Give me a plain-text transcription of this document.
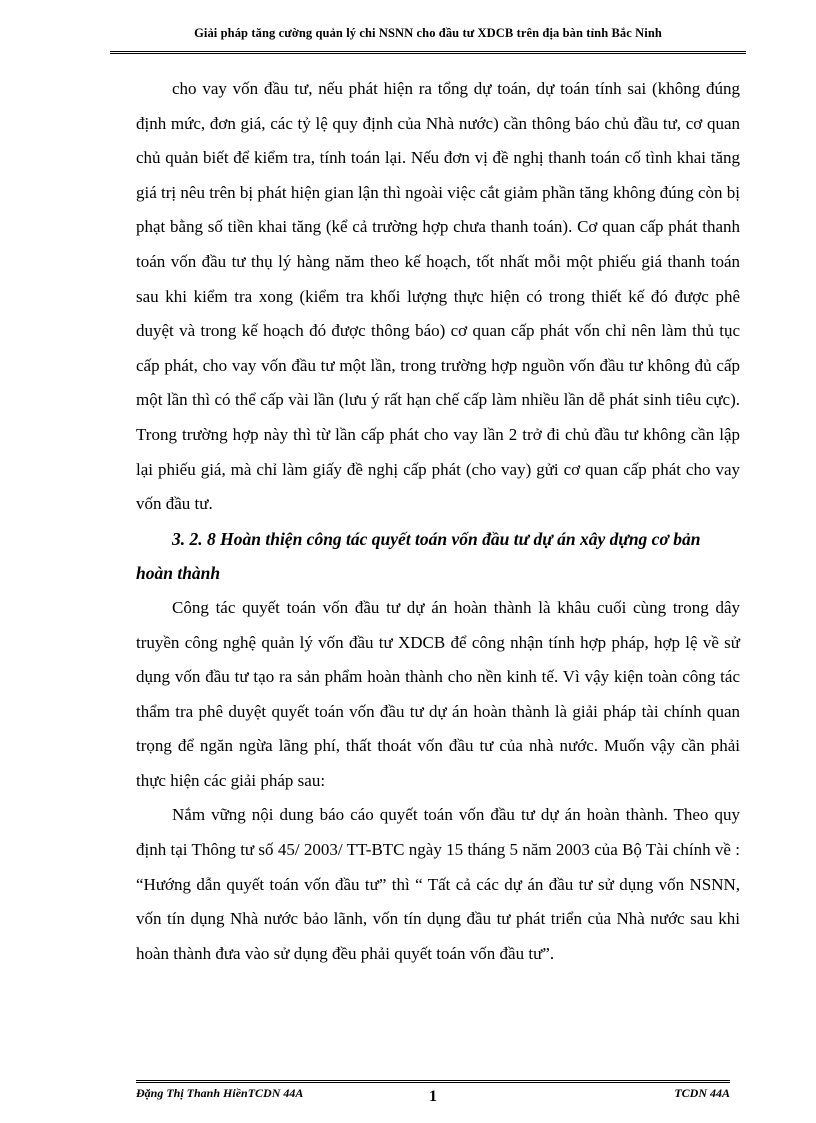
Giải pháp tăng cường quản lý chi NSNN cho đầu tư XDCB trên địa bàn tỉnh Bắc Ninh

cho vay vốn đầu tư, nếu phát hiện ra tổng dự toán, dự toán tính sai (không đúng định mức, đơn giá, các tỷ lệ quy định của Nhà nước) cần thông báo chủ đầu tư, cơ quan chủ quản biết để kiểm tra, tính toán lại. Nếu đơn vị đề nghị thanh toán cố tình khai tăng giá trị nêu trên bị phát hiện gian lận thì ngoài việc cắt giảm phần tăng không đúng còn bị phạt bằng số tiền khai tăng (kể cả trường hợp chưa thanh toán). Cơ quan cấp phát thanh toán vốn đầu tư thụ lý hàng năm theo kế hoạch, tốt nhất mỗi một phiếu giá thanh toán sau khi kiểm tra xong (kiểm tra khối lượng thực hiện có trong thiết kế đó được phê duyệt và trong kế hoạch đó được thông báo) cơ quan cấp phát vốn chỉ nên làm thủ tục cấp phát, cho vay vốn đầu tư một lần, trong trường hợp nguồn vốn đầu tư không đủ cấp một lần thì có thể cấp vài lần (lưu ý rất hạn chế cấp làm nhiều lần dễ phát sinh tiêu cực). Trong trường hợp này thì từ lần cấp phát cho vay lần 2 trở đi chủ đầu tư không cần lập lại phiếu giá, mà chỉ làm giấy đề nghị cấp phát (cho vay) gửi cơ quan cấp phát cho vay vốn đầu tư.

3. 2. 8 Hoàn thiện công tác quyết toán vốn đầu tư dự án xây dựng cơ bản hoàn thành

Công tác quyết toán vốn đầu tư dự án hoàn thành là khâu cuối cùng trong dây truyền công nghệ quản lý vốn đầu tư XDCB để công nhận tính hợp pháp, hợp lệ về sử dụng vốn đầu tư tạo ra sản phẩm hoàn thành cho nền kinh tế. Vì vậy kiện toàn công tác thẩm tra phê duyệt quyết toán vốn đầu tư dự án hoàn thành là giải pháp tài chính quan trọng để ngăn ngừa lãng phí, thất thoát vốn đầu tư của nhà nước. Muốn vậy cần phải thực hiện các giải pháp sau:

Nắm vững nội dung báo cáo quyết toán vốn đầu tư dự án hoàn thành. Theo quy định tại Thông tư số 45/ 2003/ TT-BTC ngày 15 tháng 5 năm 2003 của Bộ Tài chính về : “Hướng dẫn quyết toán vốn đầu tư” thì “ Tất cả các dự án đầu tư sử dụng vốn NSNN, vốn tín dụng Nhà nước bảo lãnh, vốn tín dụng đầu tư phát triển của Nhà nước sau khi hoàn thành đưa vào sử dụng đều phải quyết toán vốn đầu tư”.

Đặng Thị Thanh HiềnTCDN 44A	1	TCDN 44A
